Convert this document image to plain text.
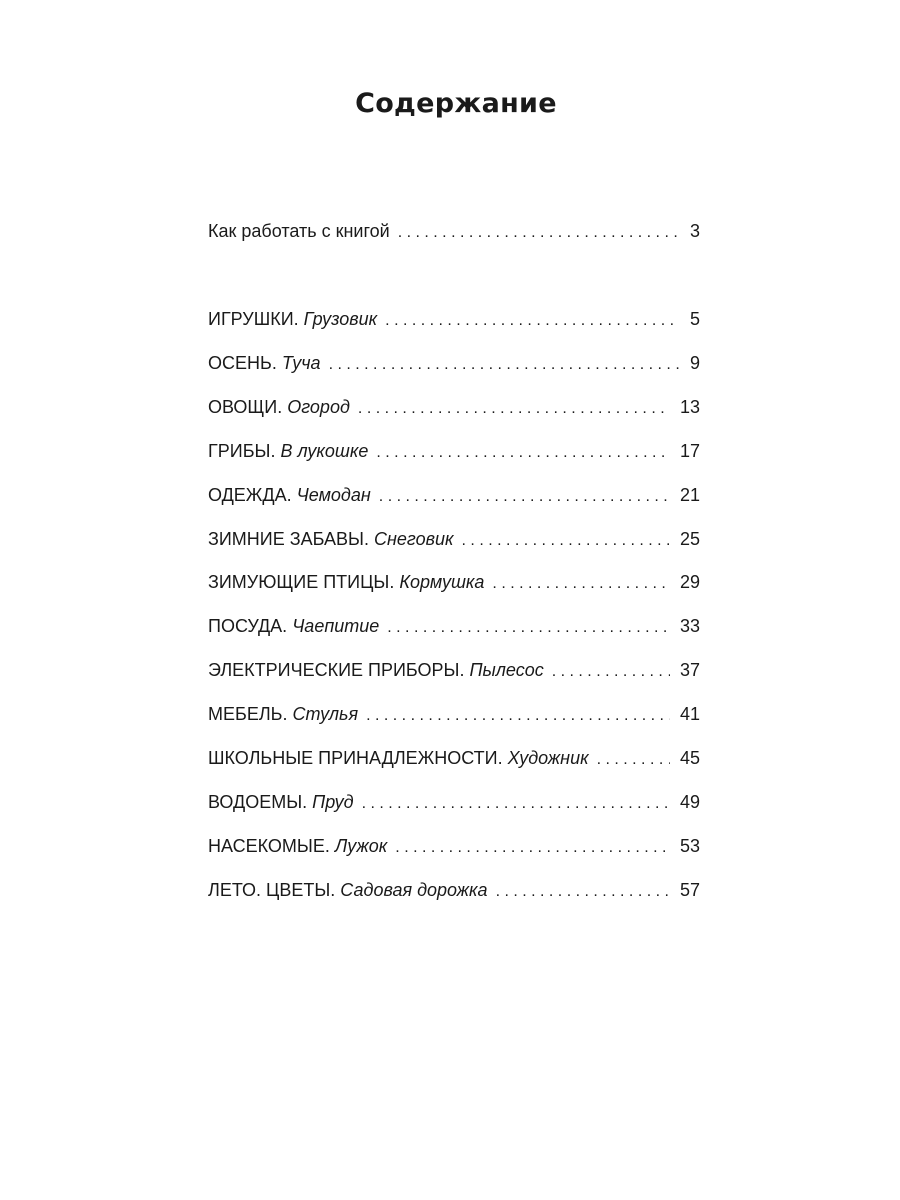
Содержание
Как работать с книгой . . .	3
ИГРУШКИ. Грузовик . . .	5
ОСЕНЬ. Туча . . .	9
ОВОЩИ. Огород . . .	13
ГРИБЫ. В лукошке . . .	17
ОДЕЖДА. Чемодан . . .	21
ЗИМНИЕ ЗАБАВЫ. Снеговик . . .	25
ЗИМУЮЩИЕ ПТИЦЫ. Кормушка . . .	29
ПОСУДА. Чаепитие . . .	33
ЭЛЕКТРИЧЕСКИЕ ПРИБОРЫ. Пылесос . . .	37
МЕБЕЛЬ. Стулья . . .	41
ШКОЛЬНЫЕ ПРИНАДЛЕЖНОСТИ. Художник . . .	45
ВОДОЕМЫ. Пруд . . .	49
НАСЕКОМЫЕ. Лужок . . .	53
ЛЕТО. ЦВЕТЫ. Садовая дорожка . . .	57
